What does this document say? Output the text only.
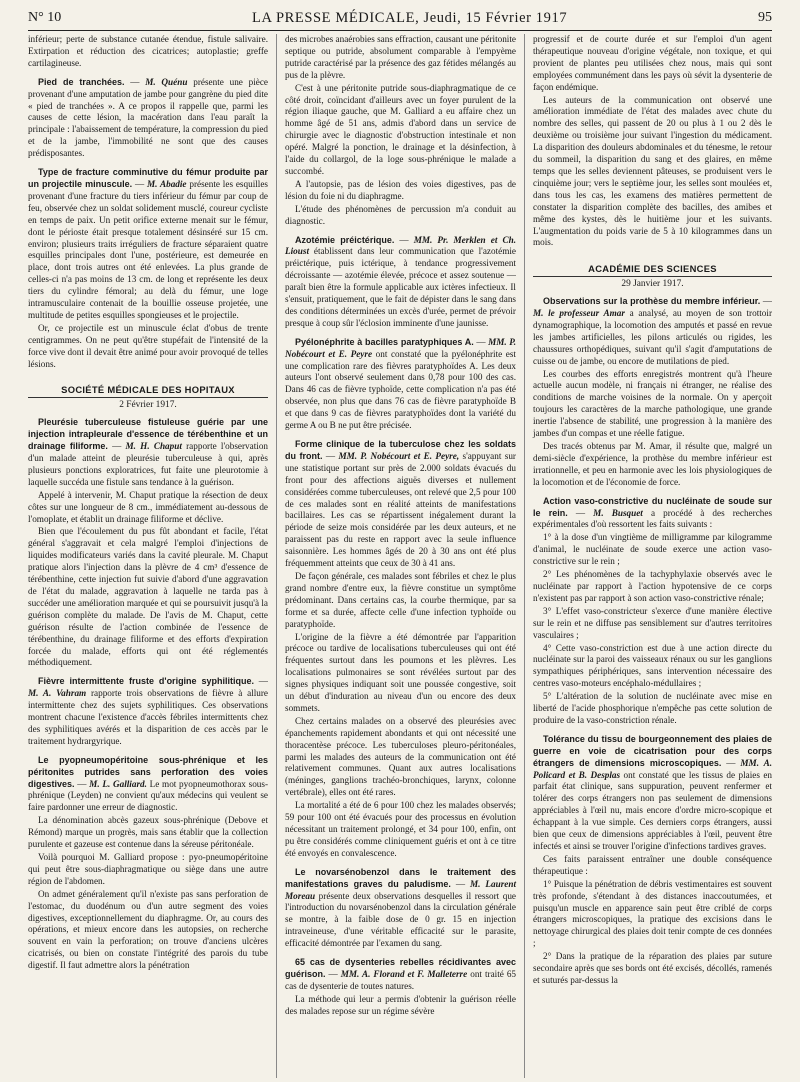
N° 10	LA PRESSE MÉDICALE, Jeudi, 15 Février 1917	95

inférieur; perte de substance cutanée étendue, fistule salivaire. Extirpation et réduction des cicatrices; autoplastie; greffe cartilagineuse.

Pied de tranchées. — M. Quénu présente une pièce provenant d'une amputation de jambe pour gangrène du pied dite « pied de tranchées ». A ce propos il rappelle que, parmi les causes de cette lésion, la macération dans l'eau paraît la principale : l'abaissement de température, la compression du pied et de la jambe, l'immobilité ne sont que des causes prédisposantes.

Type de fracture comminutive du fémur produite par un projectile minuscule. — M. Abadie présente les esquilles provenant d'une fracture du tiers inférieur du fémur par coup de feu, observée chez un soldat solidement musclé, coureur cycliste en temps de paix. Un petit orifice externe menait sur le fémur, dont le périoste était presque totalement désinséré sur 15 cm. environ; plusieurs traits irréguliers de fracture séparaient quatre esquilles principales dont l'une, postérieure, est demeurée en place, dont trois autres ont été enlevées. La plus grande de celles-ci n'a pas moins de 13 cm. de long et représente les deux tiers du cylindre fémoral; au delà du fémur, une loge intramusculaire contenait de la bouillie osseuse projetée, une multitude de petites esquilles spongieuses et le projectile.

Or, ce projectile est un minuscule éclat d'obus de trente centigrammes. On ne peut qu'être stupéfait de l'intensité de la force vive dont il devait être animé pour avoir provoqué de telles lésions.

SOCIÉTÉ MÉDICALE DES HOPITAUX
2 Février 1917.

Pleurésie tuberculeuse fistuleuse guérie par une injection intrapleurale d'essence de térébenthine et un drainage filiforme. — M. H. Chaput rapporte l'observation d'un malade atteint de pleurésie tuberculeuse à qui, après plusieurs ponctions exploratrices, fut faite une pleurotomie à laquelle succéda une fistule sans tendance à la guérison.

Appelé à intervenir, M. Chaput pratique la résection de deux côtes sur une longueur de 8 cm., immédiatement au-dessous de l'omoplate, et établit un drainage filiforme et déclive.

Bien que l'écoulement du pus fût abondant et facile, l'état général s'aggravait et cela malgré l'emploi d'injections de liquides modificateurs variés dans la cavité pleurale. M. Chaput pratique alors l'injection dans la plèvre de 4 cm³ d'essence de térébenthine, cette injection fut suivie d'abord d'une aggravation de l'état du malade, aggravation à laquelle ne tarda pas à succéder une amélioration marquée et qui se poursuivit jusqu'à la guérison complète du malade. De l'avis de M. Chaput, cette guérison résulte de l'action combinée de l'essence de térébenthine, du drainage filiforme et des efforts d'expiration forcée du malade, efforts qui ont été réglementés méthodiquement.

Fièvre intermittente fruste d'origine syphilitique. — M. A. Vahram rapporte trois observations de fièvre à allure intermittente chez des sujets syphilitiques. Ces observations montrent chacune l'existence d'accès fébriles intermittents chez des syphilitiques avérés et la disparition de ces accès par le traitement hydrargyrique.

Le pyopneumopéritoine sous-phrénique et les péritonites putrides sans perforation des voies digestives. — M. L. Galliard. Le mot pyopneumothorax sous-phrénique (Leyden) ne convient qu'aux médecins qui veulent se faire pardonner une erreur de diagnostic.

La dénomination abcès gazeux sous-phrénique (Debove et Rémond) marque un progrès, mais sans établir que la collection purulente et gazeuse est contenue dans la séreuse péritonéale.

Voilà pourquoi M. Galliard propose : pyo-pneumopéritoine qui peut être sous-diaphragmatique ou siège dans une autre région de l'abdomen.

On admet généralement qu'il n'existe pas sans perforation de l'estomac, du duodénum ou d'un autre segment des voies digestives, exceptionnellement du diaphragme. Or, au cours des opérations, et mieux encore dans les autopsies, on recherche souvent en vain la perforation; on trouve d'anciens ulcères cicatrisés, ou bien on constate l'intégrité des parois du tube digestif. Il faut admettre alors la pénétration

des microbes anaérobies sans effraction, causant une péritonite septique ou putride, absolument comparable à l'empyème putride caractérisé par la présence des gaz fétides mélangés au pus de la plèvre.

C'est à une péritonite putride sous-diaphragmatique de ce côté droit, coïncidant d'ailleurs avec un foyer purulent de la région iliaque gauche, que M. Galliard a eu affaire chez un homme âgé de 51 ans, admis d'abord dans un service de chirurgie avec le diagnostic d'obstruction intestinale et non opéré. Malgré la ponction, le drainage et la désinfection, à l'aide du collargol, de la loge sous-phrénique le malade a succombé.

A l'autopsie, pas de lésion des voies digestives, pas de lésion du foie ni du diaphragme.

L'étude des phénomènes de percussion m'a conduit au diagnostic.

Azotémie préictérique. — MM. Pr. Merklen et Ch. Lioust établissent dans leur communication que l'azotémie préictérique, puis ictérique, à tendance progressivement décroissante — azotémie élevée, précoce et assez soutenue — paraît bien être la formule applicable aux ictères infectieux. Il s'ensuit, pratiquement, que le fait de dépister dans le sang dans des conditions déterminées un excès d'urée, permet de prévoir presque à coup sûr l'éclosion imminente d'une jaunisse.

Pyélonéphrite à bacilles paratyphiques A. — MM. P. Nobécourt et E. Peyre ont constaté que la pyélonéphrite est une complication rare des fièvres paratyphoïdes A. Les deux auteurs l'ont observé seulement dans 0,78 pour 100 des cas. Dans 46 cas de fièvre typhoïde, cette complication n'a pas été observée, non plus que dans 76 cas de fièvre paratyphoïde B et que dans 9 cas de fièvres paratyphoïdes dont la variété du germe A ou B ne put être précisée.

Forme clinique de la tuberculose chez les soldats du front. — MM. P. Nobécourt et E. Peyre, s'appuyant sur une statistique portant sur près de 2.000 soldats évacués du front pour des affections aiguës diverses et nullement considérées comme tuberculeuses, ont relevé que 2,5 pour 100 de ces malades sont en réalité atteints de manifestations bacillaires. Les cas se répartissent inégalement durant la période de seize mois considérée par les deux auteurs, et ne paraissent pas du reste en rapport avec la seule influence saisonnière. Les hommes âgés de 20 à 30 ans ont été plus fréquemment atteints que ceux de 30 à 41 ans.

De façon générale, ces malades sont fébriles et chez le plus grand nombre d'entre eux, la fièvre constitue un symptôme prédominant. Dans certains cas, la courbe thermique, par sa forme et sa durée, affecte celle d'une infection typhoïde ou paratyphoïde.

L'origine de la fièvre a été démontrée par l'apparition précoce ou tardive de localisations tuberculeuses qui ont été fréquentes surtout dans les poumons et les plèvres. Les localisations pulmonaires se sont révélées surtout par des signes physiques indiquant soit une poussée congestive, soit un début d'induration au niveau d'un ou encore des deux sommets.

Chez certains malades on a observé des pleurésies avec épanchements rapidement abondants et qui ont nécessité une thoracentèse précoce. Les tuberculoses pleuro-péritonéales, parmi les malades des auteurs de la communication ont été relativement communes. Quant aux autres localisations (méninges, ganglions trachéo-bronchiques, larynx, colonne vertébrale), elles ont été rares.

La mortalité a été de 6 pour 100 chez les malades observés; 59 pour 100 ont été évacués pour des processus en évolution nécessitant un traitement prolongé, et 34 pour 100, enfin, ont pu être considérés comme cliniquement guéris et ont à ce titre été envoyés en convalescence.

Le novarsénobenzol dans le traitement des manifestations graves du paludisme. — M. Laurent Moreau présente deux observations desquelles il ressort que l'introduction du novarsénobenzol dans la circulation générale se montre, à la faible dose de 0 gr. 15 en injection intraveineuse, d'une véritable efficacité sur le parasite, efficacité démontrée par l'examen du sang.

65 cas de dysenteries rebelles récidivantes avec guérison. — MM. A. Florand et F. Malleterre ont traité 65 cas de dysenterie de toutes natures.

La méthode qui leur a permis d'obtenir la guérison réelle des malades repose sur un régime sévère

progressif et de courte durée et sur l'emploi d'un agent thérapeutique nouveau d'origine végétale, non toxique, et qui provient de plantes peu utilisées chez nous, mais qui sont employées communément dans les pays où sévit la dysenterie de façon endémique.

Les auteurs de la communication ont observé une amélioration immédiate de l'état des malades avec chute du nombre des selles, qui passent de 20 ou plus à 1 ou 2 dès le deuxième ou troisième jour suivant l'ingestion du médicament. La disparition des douleurs abdominales et du ténesme, le retour du sommeil, la disparition du sang et des glaires, en même temps que les selles deviennent pâteuses, se produisent vers le cinquième jour; vers le septième jour, les selles sont moulées et, dans tous les cas, les examens des matières permettent de constater la disparition complète des bacilles, des amibes et même des kystes, dès le huitième jour et les suivants. L'augmentation du poids varie de 5 à 10 kilogrammes dans un mois.

ACADÉMIE DES SCIENCES
29 Janvier 1917.

Observations sur la prothèse du membre inférieur. — M. le professeur Amar a analysé, au moyen de son trottoir dynamographique, la locomotion des amputés et passé en revue les jambes artificielles, les pilons articulés ou rigides, les chaussures orthopédiques, suivant qu'il s'agit d'amputations de cuisse ou de jambe, ou encore de mutilations de pied.

Les courbes des efforts enregistrés montrent qu'à l'heure actuelle aucun modèle, ni français ni étranger, ne réalise des conditions de marche voisines de la normale. On y aperçoit toujours les caractères de la marche pathologique, une grande inertie l'absence de stabilité, une progression à la manière des jambes d'un compas et une réelle fatigue.

Des tracés obtenus par M. Amar, il résulte que, malgré un demi-siècle d'expérience, la prothèse du membre inférieur est irrationnelle, et peu en harmonie avec les lois physiologiques de la locomotion et de l'économie de force.

Action vaso-constrictive du nucléinate de soude sur le rein. — M. Busquet a procédé à des recherches expérimentales d'où ressortent les faits suivants :

1° à la dose d'un vingtième de milligramme par kilogramme d'animal, le nucléinate de soude exerce une action vaso-constrictive sur le rein ;

2° Les phénomènes de la tachyphylaxie observés avec le nucléinate par rapport à l'action hypotensive de ce corps n'existent pas par rapport à son action vaso-constrictive rénale;

3° L'effet vaso-constricteur s'exerce d'une manière élective sur le rein et ne diffuse pas sensiblement sur d'autres territoires vasculaires ;

4° Cette vaso-constriction est due à une action directe du nucléinate sur la paroi des vaisseaux rénaux ou sur les ganglions sympathiques périphériques, sans intervention nécessaire des centres vaso-moteurs encéphalo-médullaires ;

5° L'altération de la solution de nucléinate avec mise en liberté de l'acide phosphorique n'empêche pas cette solution de produire de la vaso-constriction rénale.

Tolérance du tissu de bourgeonnement des plaies de guerre en voie de cicatrisation pour des corps étrangers de dimensions microscopiques. — MM. A. Policard et B. Desplas ont constaté que les tissus de plaies en parfait état clinique, sans suppuration, peuvent renfermer et tolérer des corps étrangers non pas seulement de dimensions appréciables à l'œil nu, mais encore d'ordre micro-scopique et échappant à la vue simple. Ces derniers corps étrangers, aussi bien que ceux de dimensions appréciables à l'œil, peuvent être infectés et ainsi se trouver l'origine d'infections tardives graves.

Ces faits paraissent entraîner une double conséquence thérapeutique :

1° Puisque la pénétration de débris vestimentaires est souvent très profonde, s'étendant à des distances inaccoutumées, et puisqu'un muscle en apparence sain peut être criblé de corps étrangers microscopiques, la pratique des excisions dans le nettoyage chirurgical des plaies doit tenir compte de ces données ;

2° Dans la pratique de la réparation des plaies par suture secondaire après que ses bords ont été excisés, décollés, ramenés et suturés par-dessus la
